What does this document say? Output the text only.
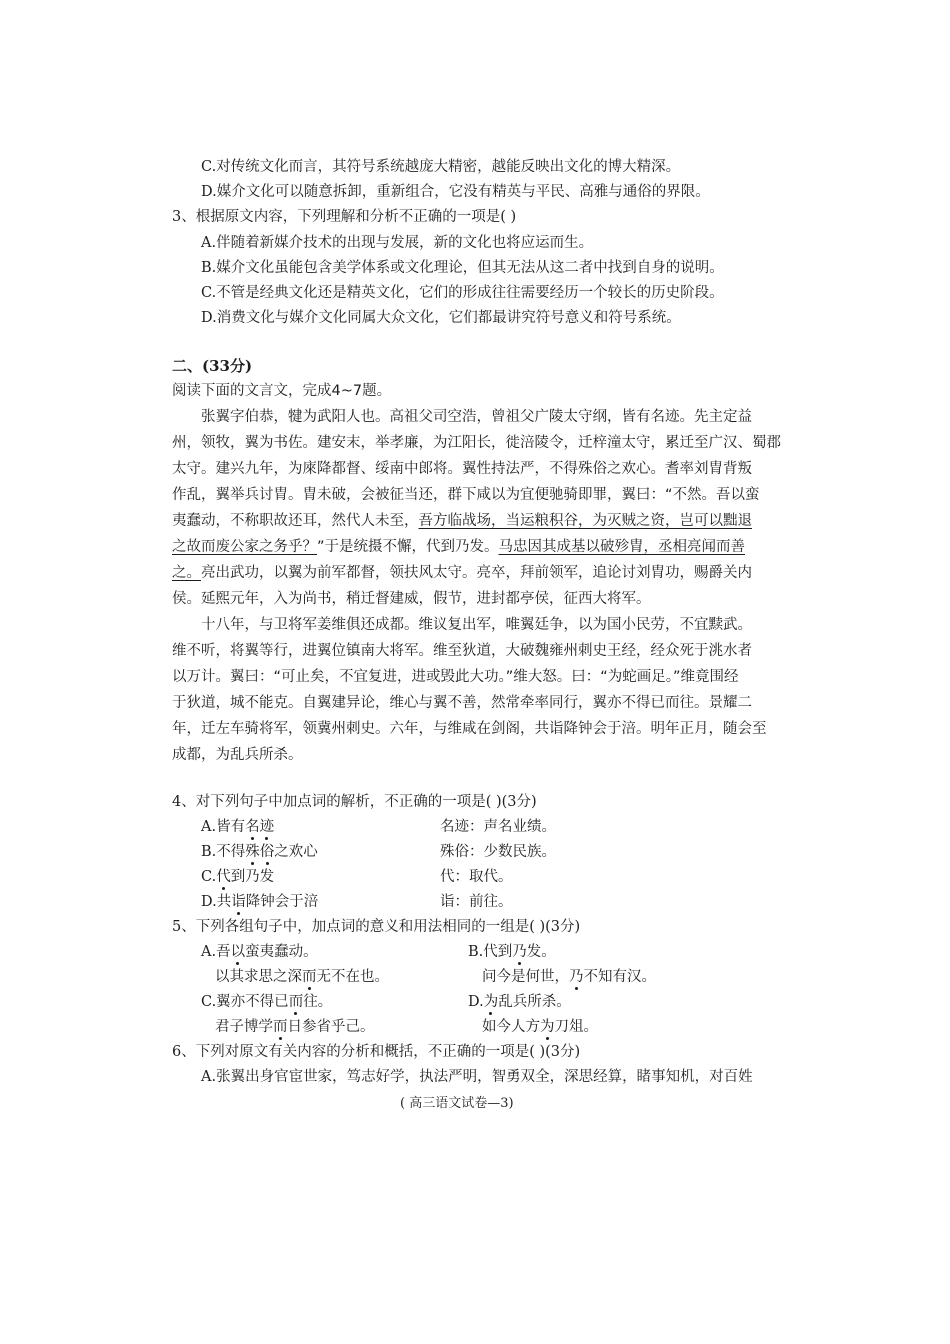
C.对传统文化而言，其符号系统越庞大精密，越能反映出文化的博大精深。
D.媒介文化可以随意拆卸，重新组合，它没有精英与平民、高雅与通俗的界限。
3、根据原文内容，下列理解和分析不正确的一项是( )
A.伴随着新媒介技术的出现与发展，新的文化也将应运而生。
B.媒介文化虽能包含美学体系或文化理论，但其无法从这二者中找到自身的说明。
C.不管是经典文化还是精英文化，它们的形成往往需要经历一个较长的历史阶段。
D.消费文化与媒介文化同属大众文化，它们都最讲究符号意义和符号系统。
二、(33分)
阅读下面的文言文，完成4~7题。
张翼字伯恭，犍为武阳人也。高祖父司空浩，曾祖父广陵太守纲，皆有名迹。先主定益
州，领牧，翼为书佐。建安末，举孝廉，为江阳长，徙涪陵令，迁梓潼太守，累迁至广汉、蜀郡
太守。建兴九年，为庲降都督、绥南中郎将。翼性持法严，不得殊俗之欢心。耆率刘胄背叛
作乱，翼举兵讨胄。胄未破，会被征当还，群下咸以为宜便驰骑即罪，翼曰：“不然。吾以蛮
夷蠢动，不称职故还耳，然代人未至，吾方临战场，当运粮积谷，为灭贼之资，岂可以黜退
之故而废公家之务乎？”于是统摄不懈，代到乃发。马忠因其成基以破殄胄，丞相亮闻而善
之。亮出武功，以翼为前军都督，领扶风太守。亮卒，拜前领军，追论讨刘胄功，赐爵关内
侯。延熙元年，入为尚书，稍迁督建威，假节，进封都亭侯，征西大将军。
十八年，与卫将军姜维俱还成都。维议复出军，唯翼廷争，以为国小民劳，不宜黩武。
维不听，将翼等行，进翼位镇南大将军。维至狄道，大破魏雍州刺史王经，经众死于洮水者
以万计。翼曰：“可止矣，不宜复进，进或毁此大功。”维大怒。曰：“为蛇画足。”维竟围经
于狄道，城不能克。自翼建异论，维心与翼不善，然常牵率同行，翼亦不得已而往。景耀二
年，迁左车骑将军，领冀州刺史。六年，与维咸在剑阁，共诣降钟会于涪。明年正月，随会至
成都，为乱兵所杀。
4、对下列句子中加点词的解析，不正确的一项是( )(3分)
A.皆有名迹	名迹：声名业绩。
B.不得殊俗之欢心	殊俗：少数民族。
C.代到乃发	代：取代。
D.共诣降钟会于涪	诣：前往。
5、下列各组句子中，加点词的意义和用法相同的一组是( )(3分)
A.吾以蛮夷蠢动。	B.代到乃发。
以其求思之深而无不在也。	问今是何世，乃不知有汉。
C.翼亦不得已而往。	D.为乱兵所杀。
君子博学而日参省乎己。	如今人方为刀俎。
6、下列对原文有关内容的分析和概括，不正确的一项是( )(3分)
A.张翼出身官宦世家，笃志好学，执法严明，智勇双全，深思经算，睹事知机，对百姓
( 高三语文试卷—3)
